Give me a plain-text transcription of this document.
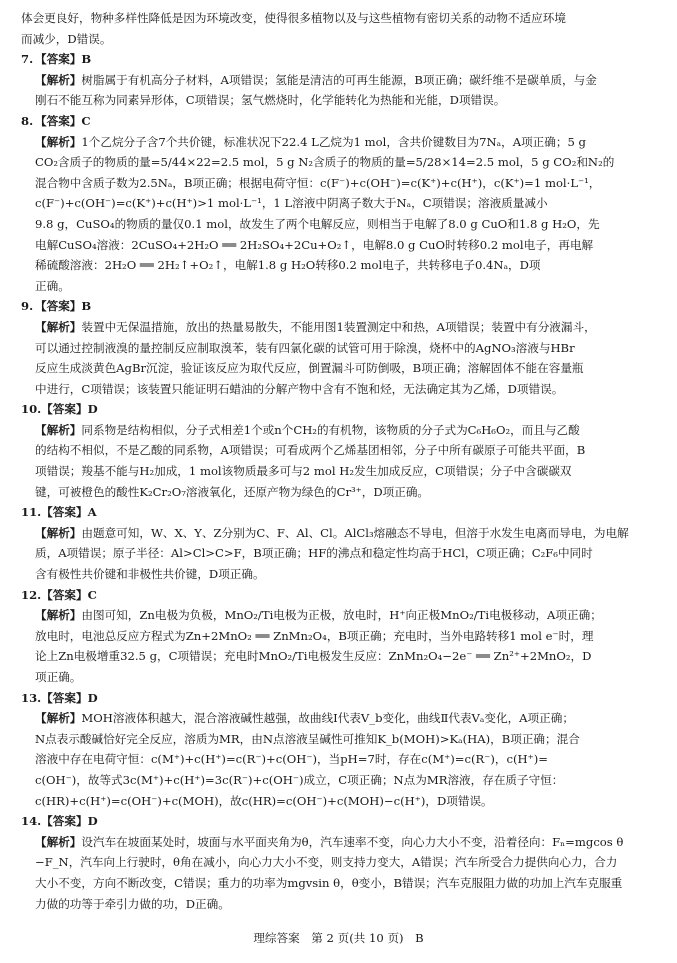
体会更良好，物种多样性降低是因为环境改变，使得很多植物以及与这些植物有密切关系的动物不适应环境

而减少，D错误。

7. 【答案】 B

【解析】树脂属于有机高分子材料，A项错误；氢能是清洁的可再生能源，B项正确；碳纤维不是碳单质，与金

刚石不能互称为同素异形体，C项错误；氢气燃烧时，化学能转化为热能和光能，D项错误。

8. 【答案】 C

【解析】1个乙烷分子含7个共价键，标准状况下22.4 L乙烷为1 mol，含共价键数目为7Nₐ，A项正确；5 g

CO₂含质子的物质的量=5/44×22=2.5 mol，5 g N₂含质子的物质的量=5/28×14=2.5 mol，5 g CO₂和N₂的

混合物中含质子数为2.5Nₐ，B项正确；根据电荷守恒：c(F⁻)+c(OH⁻)=c(K⁺)+c(H⁺)，c(K⁺)=1 mol·L⁻¹，

c(F⁻)+c(OH⁻)=c(K⁺)+c(H⁺)>1 mol·L⁻¹，1 L溶液中阴离子数大于Nₐ，C项错误；溶液质量减小

9.8 g，CuSO₄的物质的量仅0.1 mol，故发生了两个电解反应，则相当于电解了8.0 g CuO和1.8 g H₂O，先

电解CuSO₄溶液：2CuSO₄+2H₂O ══ 2H₂SO₄+2Cu+O₂↑，电解8.0 g CuO时转移0.2 mol电子，再电解

稀硫酸溶液：2H₂O ══ 2H₂↑+O₂↑，电解1.8 g H₂O转移0.2 mol电子，共转移电子0.4Nₐ，D项

正确。

9. 【答案】 B

【解析】装置中无保温措施，放出的热量易散失，不能用图1装置测定中和热，A项错误；装置中有分液漏斗，

可以通过控制液溴的量控制反应制取溴苯，装有四氯化碳的试管可用于除溴，烧杯中的AgNO₃溶液与HBr

反应生成淡黄色AgBr沉淀，验证该反应为取代反应，倒置漏斗可防倒吸，B项正确；溶解固体不能在容量瓶

中进行，C项错误；该装置只能证明石蜡油的分解产物中含有不饱和烃，无法确定其为乙烯，D项错误。

10. 【答案】 D

【解析】同系物是结构相似，分子式相差1个或n个CH₂的有机物，该物质的分子式为C₆H₆O₂，而且与乙酸

的结构不相似，不是乙酸的同系物，A项错误；可看成两个乙烯基团相邻，分子中所有碳原子可能共平面，B

项错误；羧基不能与H₂加成，1 mol该物质最多可与2 mol H₂发生加成反应，C项错误；分子中含碳碳双

键，可被橙色的酸性K₂Cr₂O₇溶液氧化，还原产物为绿色的Cr³⁺，D项正确。

11. 【答案】 A

【解析】由题意可知，W、X、Y、Z分别为C、F、Al、Cl。AlCl₃熔融态不导电，但溶于水发生电离而导电，为电解

质，A项错误；原子半径：Al>Cl>C>F，B项正确；HF的沸点和稳定性均高于HCl，C项正确；C₂F₆中同时

含有极性共价键和非极性共价键，D项正确。

12. 【答案】 C

【解析】由图可知，Zn电极为负极，MnO₂/Ti电极为正极，放电时，H⁺向正极MnO₂/Ti电极移动，A项正确；

放电时，电池总反应方程式为Zn+2MnO₂ ══ ZnMn₂O₄，B项正确；充电时，当外电路转移1 mol e⁻时，理

论上Zn电极增重32.5 g，C项错误；充电时MnO₂/Ti电极发生反应：ZnMn₂O₄−2e⁻ ══ Zn²⁺+2MnO₂，D

项正确。

13. 【答案】 D

【解析】MOH溶液体积越大，混合溶液碱性越强，故曲线Ⅰ代表V_b变化，曲线Ⅱ代表Vₐ变化，A项正确；

N点表示酸碱恰好完全反应，溶质为MR，由N点溶液呈碱性可推知K_b(MOH)>Kₐ(HA)，B项正确；混合

溶液中存在电荷守恒：c(M⁺)+c(H⁺)=c(R⁻)+c(OH⁻)，当pH=7时，存在c(M⁺)=c(R⁻)，c(H⁺)=

c(OH⁻)，故等式3c(M⁺)+c(H⁺)=3c(R⁻)+c(OH⁻)成立，C项正确；N点为MR溶液，存在质子守恒：

c(HR)+c(H⁺)=c(OH⁻)+c(MOH)，故c(HR)=c(OH⁻)+c(MOH)−c(H⁺)，D项错误。

14. 【答案】 D

【解析】设汽车在坡面某处时，坡面与水平面夹角为θ，汽车速率不变，向心力大小不变，沿着径向：Fₙ=mgcos θ

−F_N，汽车向上行驶时，θ角在减小，向心力大小不变，则支持力变大，A错误；汽车所受合力提供向心力，合力

大小不变，方向不断改变，C错误；重力的功率为mgvsin θ，θ变小，B错误；汽车克服阻力做的功加上汽车克服重

力做的功等于牵引力做的功，D正确。

理综答案　第 2 页(共 10 页)　B
